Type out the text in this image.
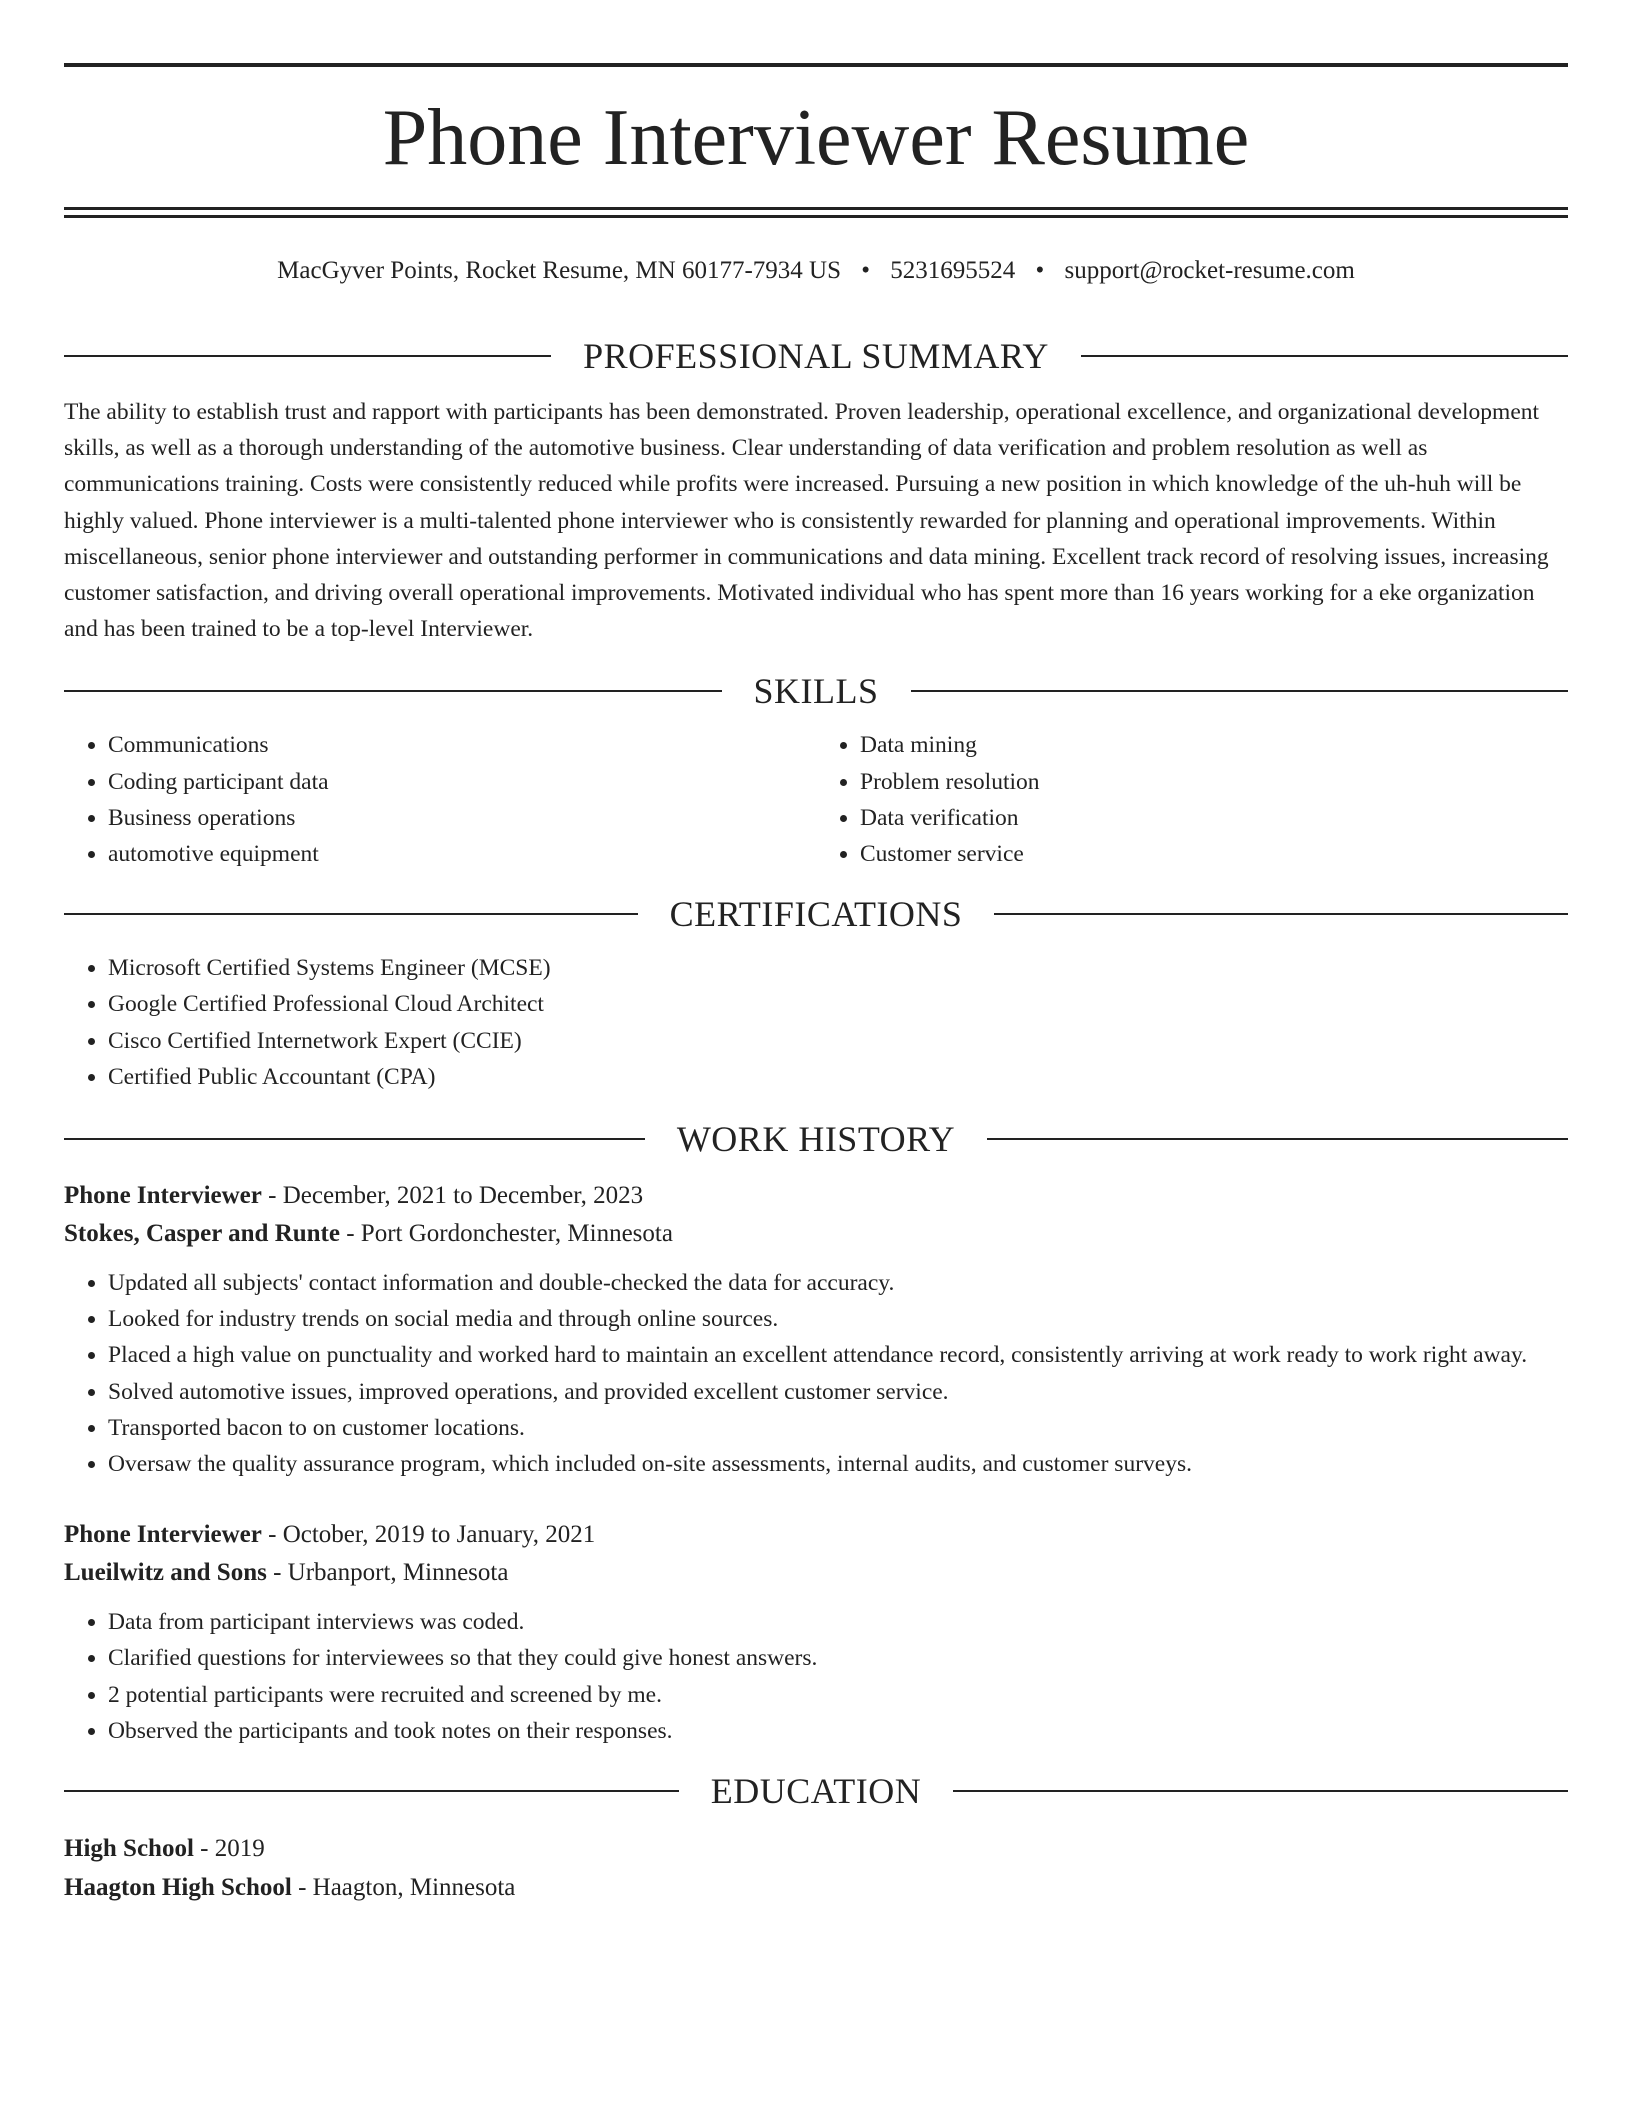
Phone Interviewer Resume
MacGyver Points, Rocket Resume, MN 60177-7934 US • 5231695524 • support@rocket-resume.com
PROFESSIONAL SUMMARY

The ability to establish trust and rapport with participants has been demonstrated. Proven leadership, operational excellence, and organizational development skills, as well as a thorough understanding of the automotive business. Clear understanding of data verification and problem resolution as well as communications training. Costs were consistently reduced while profits were increased. Pursuing a new position in which knowledge of the uh-huh will be highly valued. Phone interviewer is a multi-talented phone interviewer who is consistently rewarded for planning and operational improvements. Within miscellaneous, senior phone interviewer and outstanding performer in communications and data mining. Excellent track record of resolving issues, increasing customer satisfaction, and driving overall operational improvements. Motivated individual who has spent more than 16 years working for a eke organization and has been trained to be a top-level Interviewer.

SKILLS
• Communications
• Coding participant data
• Business operations
• automotive equipment
• Data mining
• Problem resolution
• Data verification
• Customer service
CERTIFICATIONS
• Microsoft Certified Systems Engineer (MCSE)
• Google Certified Professional Cloud Architect
• Cisco Certified Internetwork Expert (CCIE)
• Certified Public Accountant (CPA)
WORK HISTORY
Phone Interviewer - December, 2021 to December, 2023
Stokes, Casper and Runte - Port Gordonchester, Minnesota
• Updated all subjects' contact information and double-checked the data for accuracy.
• Looked for industry trends on social media and through online sources.
• Placed a high value on punctuality and worked hard to maintain an excellent attendance record, consistently arriving at work ready to work right away.
• Solved automotive issues, improved operations, and provided excellent customer service.
• Transported bacon to on customer locations.
• Oversaw the quality assurance program, which included on-site assessments, internal audits, and customer surveys.
Phone Interviewer - October, 2019 to January, 2021
Lueilwitz and Sons - Urbanport, Minnesota
• Data from participant interviews was coded.
• Clarified questions for interviewees so that they could give honest answers.
• 2 potential participants were recruited and screened by me.
• Observed the participants and took notes on their responses.
EDUCATION
High School - 2019
Haagton High School - Haagton, Minnesota
